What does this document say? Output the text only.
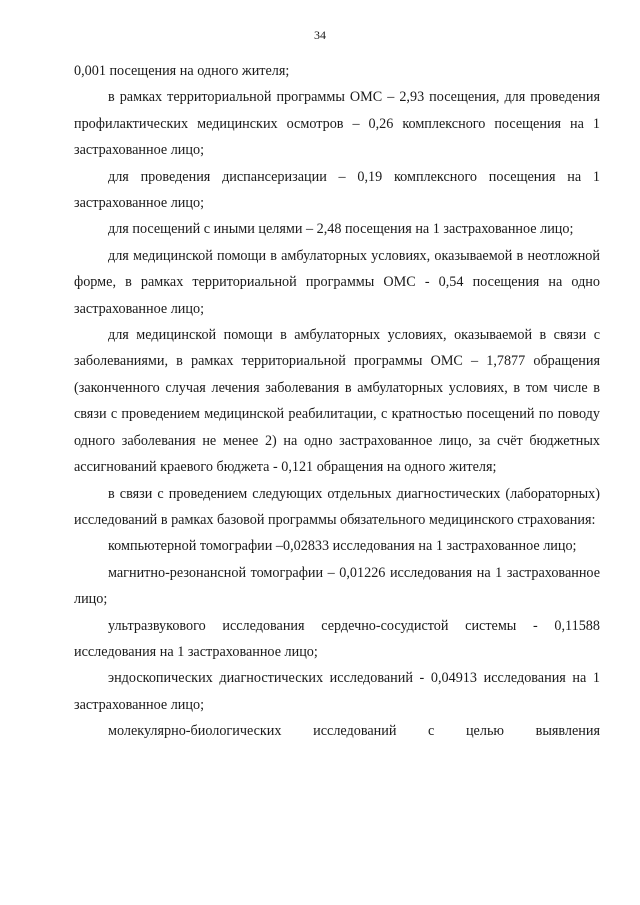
34

0,001 посещения на одного жителя;

в рамках территориальной программы ОМС – 2,93 посещения, для проведения профилактических медицинских осмотров – 0,26 комплексного посещения на 1 застрахованное лицо;

для проведения диспансеризации – 0,19 комплексного посещения на 1 застрахованное лицо;

для посещений с иными целями – 2,48 посещения на 1 застрахованное лицо;

для медицинской помощи в амбулаторных условиях, оказываемой в неотложной форме, в рамках территориальной программы ОМС - 0,54 посещения на одно застрахованное лицо;

для медицинской помощи в амбулаторных условиях, оказываемой в связи с заболеваниями, в рамках территориальной программы ОМС – 1,7877 обращения (законченного случая лечения заболевания в амбулаторных условиях, в том числе в связи с проведением медицинской реабилитации, с кратностью посещений по поводу одного заболевания не менее 2) на одно застрахованное лицо, за счёт бюджетных ассигнований краевого бюджета - 0,121 обращения на одного жителя;

в связи с проведением следующих отдельных диагностических (лабораторных) исследований в рамках базовой программы обязательного медицинского страхования:

компьютерной томографии –0,02833 исследования на 1 застрахованное лицо;

магнитно-резонансной томографии – 0,01226 исследования на 1 застрахованное лицо;

ультразвукового исследования сердечно-сосудистой системы - 0,11588 исследования на 1 застрахованное лицо;

эндоскопических диагностических исследований - 0,04913 исследования на 1 застрахованное лицо;

молекулярно-биологических исследований с целью выявления
